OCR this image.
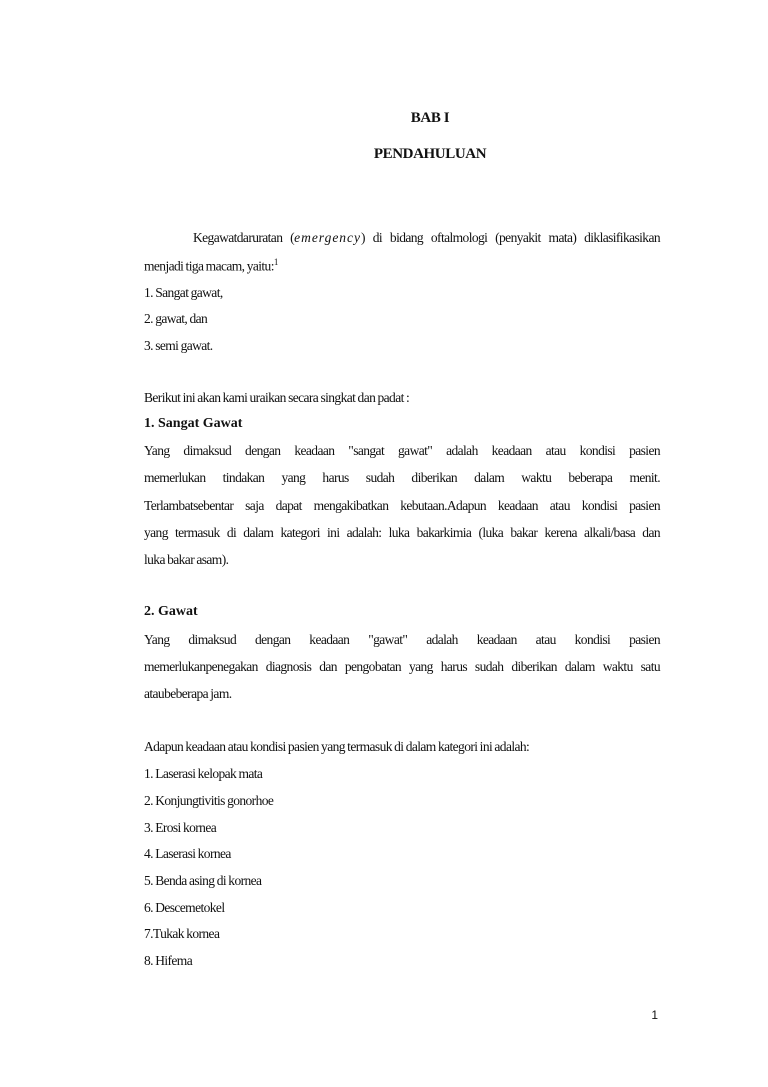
BAB I
PENDAHULUAN
Kegawatdaruratan (emergency) di bidang oftalmologi (penyakit mata) diklasifikasikan
menjadi tiga macam, yaitu:$^1$
1. Sangat gawat,
2. gawat, dan
3. semi gawat.
Berikut ini akan kami uraikan secara singkat dan padat :
1. Sangat Gawat
Yang dimaksud dengan keadaan "sangat gawat" adalah keadaan atau kondisi pasien
memerlukan tindakan yang harus sudah diberikan dalam waktu beberapa menit.
Terlambatsebentar saja dapat mengakibatkan kebutaan.Adapun keadaan atau kondisi pasien
yang termasuk di dalam kategori ini adalah: luka bakarkimia (luka bakar kerena alkali/basa dan
luka bakar asam).
2. Gawat
Yang dimaksud dengan keadaan "gawat" adalah keadaan atau kondisi pasien
memerlukanpenegakan diagnosis dan pengobatan yang harus sudah diberikan dalam waktu satu
ataubeberapa jam.
Adapun keadaan atau kondisi pasien yang termasuk di dalam kategori ini adalah:
1. Laserasi kelopak mata
2. Konjungtivitis gonorhoe
3. Erosi kornea
4. Laserasi kornea
5. Benda asing di kornea
6. Descemetokel
7.Tukak kornea
8. Hifema
1
